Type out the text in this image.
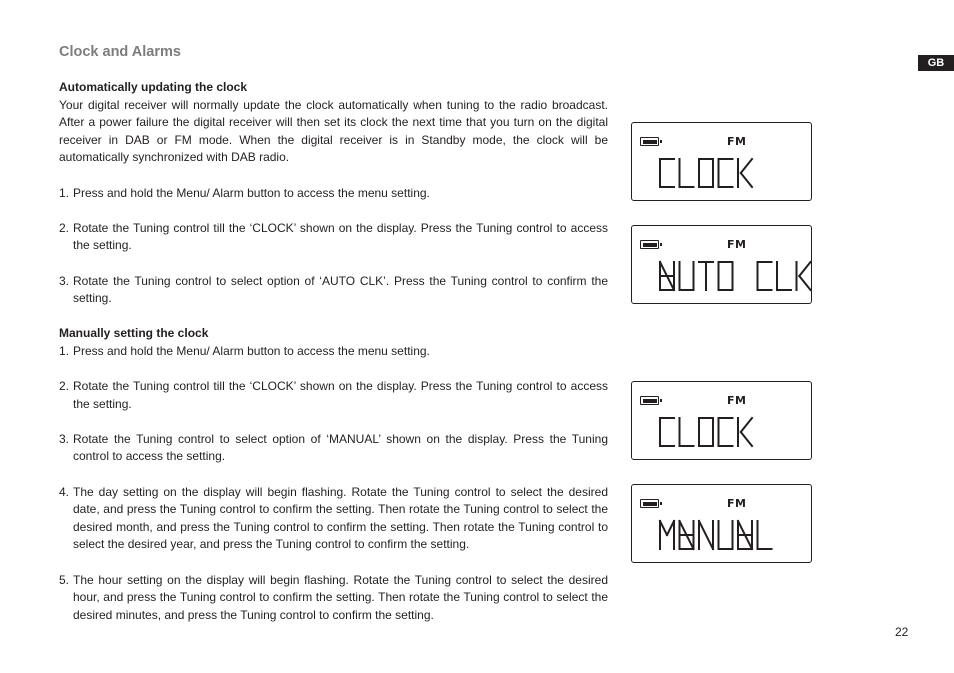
Clock and Alarms
GB

Automatically updating the clock

Your digital receiver will normally update the clock automatically when tuning to the radio broadcast. After a power failure the digital receiver will then set its clock the next time that you turn on the digital receiver in DAB or FM mode. When the digital receiver is in Standby mode, the clock will be automatically synchronized with DAB radio.

1. Press and hold the Menu/ Alarm button to access the menu setting.
2. Rotate the Tuning control till the ‘CLOCK’ shown on the display. Press the Tuning control to access the setting.
3. Rotate the Tuning control to select option of ‘AUTO CLK’. Press the Tuning control to confirm the setting.

Manually setting the clock

1. Press and hold the Menu/ Alarm button to access the menu setting.
2. Rotate the Tuning control till the ‘CLOCK’ shown on the display. Press the Tuning control to access the setting.
3. Rotate the Tuning control to select option of ‘MANUAL’ shown on the display. Press the Tuning control to access the setting.
4. The day setting on the display will begin flashing. Rotate the Tuning control to select the desired date, and press the Tuning control to confirm the setting. Then rotate the Tuning control to select the desired month, and press the Tuning control to confirm the setting. Then rotate the Tuning control to select the desired year, and press the Tuning control to confirm the setting.
5. The hour setting on the display will begin flashing. Rotate the Tuning control to select the desired hour, and press the Tuning control to confirm the setting. Then rotate the Tuning control to select the desired minutes, and press the Tuning control to confirm the setting.
FM
FM
FM
FM
22
